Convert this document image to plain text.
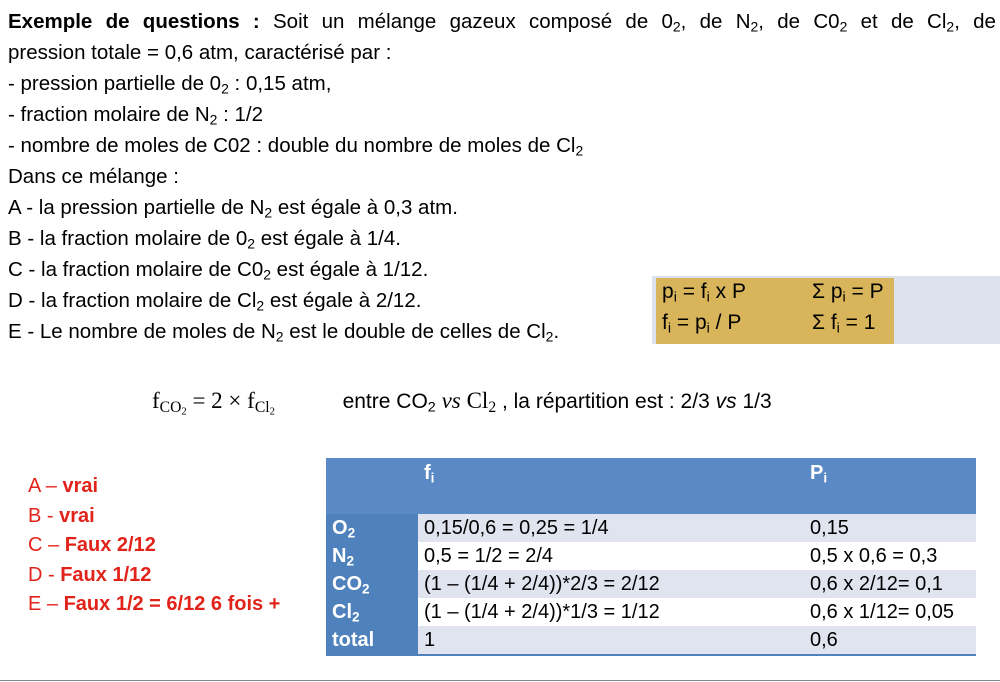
Exemple de questions : Soit un mélange gazeux composé de $0_2$, de $N_2$, de $C0_2$ et de $Cl_2$, de
pression totale = 0,6 atm, caractérisé par :
- pression partielle de $0_2$ : 0,15 atm,
- fraction molaire de $N_2$ : 1/2
- nombre de moles de C02 : double du nombre de moles de $Cl_2$
Dans ce mélange :
A - la pression partielle de $N_2$ est égale à 0,3 atm.
B - la fraction molaire de $0_2$ est égale à 1/4.
C - la fraction molaire de $C0_2$ est égale à 1/12.
D - la fraction molaire de $Cl_2$ est égale à 2/12.
E - Le nombre de moles de $N_2$ est le double de celles de $Cl_2$.
$p_i = f_i$ x P	Σ $p_i = P$
$f_i = p_i / P$	Σ $f_i = 1$
$f_{CO_2} = 2 \times f_{Cl_2}$	entre $CO_2$ vs $Cl_2$ , la répartition est : 2/3 vs 1/3
A – vrai
B - vrai
C – Faux 2/12
D - Faux 1/12
E – Faux 1/2 = 6/12 6 fois +
	$f_i$	$P_i$
$O_2$	0,15/0,6 = 0,25 = 1/4	0,15
$N_2$	0,5 = 1/2 = 2/4	0,5 x 0,6 = 0,3
$CO_2$	(1 – (1/4 + 2/4))*2/3 = 2/12	0,6 x 2/12= 0,1
$Cl_2$	(1 – (1/4 + 2/4))*1/3 = 1/12	0,6 x 1/12= 0,05
total	1	0,6
